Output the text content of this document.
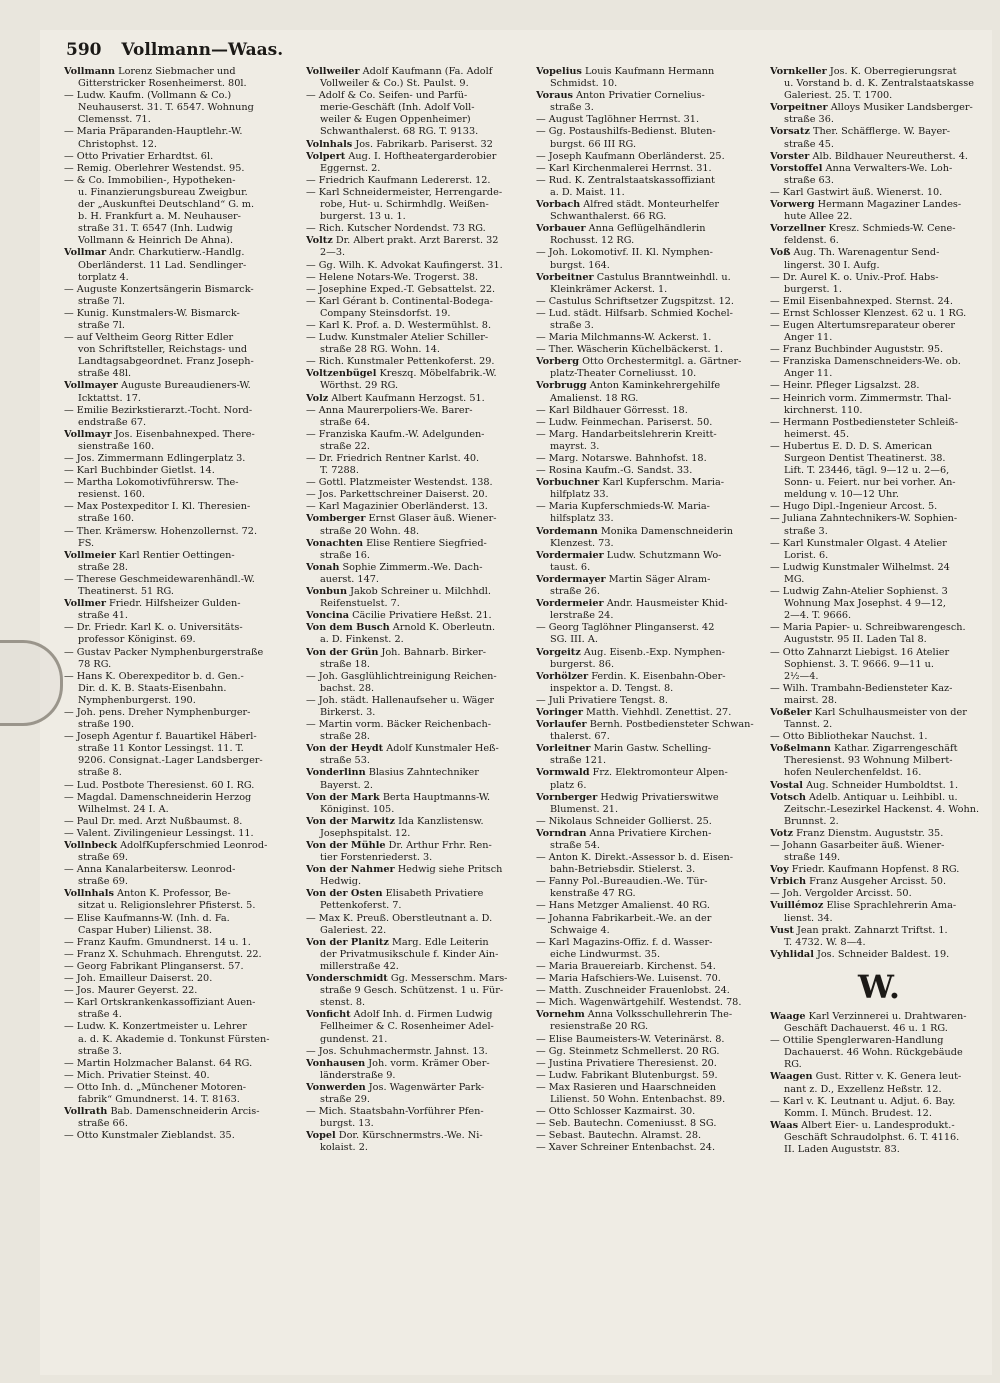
590 Vollmann—Waas.
Vollmann Lorenz Siebmacher und
Gitterstricker Rosenheimerst. 80l.
— Ludw. Kaufm. (Vollmann & Co.)
Neuhauserst. 31. T. 6547. Wohnung
Clemensst. 71.
— Maria Präparanden-Hauptlehr.-W.
Christophst. 12.
— Otto Privatier Erhardtst. 6l.
— Remig. Oberlehrer Westendst. 95.
— & Co. Immobilien-, Hypotheken-
u. Finanzierungsbureau Zweigbur.
der „Auskunftei Deutschland“ G. m.
b. H. Frankfurt a. M. Neuhauser-
straße 31. T. 6547 (Inh. Ludwig
Vollmann & Heinrich De Ahna).
Vollmar Andr. Charkutierw.-Handlg.
Oberländerst. 11 Lad. Sendlinger-
torplatz 4.
— Auguste Konzertsängerin Bismarck-
straße 7l.
— Kunig. Kunstmalers-W. Bismarck-
straße 7l.
— auf Veltheim Georg Ritter Edler
von Schriftsteller, Reichstags- und
Landtagsabgeordnet. Franz Joseph-
straße 48l.
Vollmayer Auguste Bureaudieners-W.
Icktattst. 17.
— Emilie Bezirkstierarzt.-Tocht. Nord-
endstraße 67.
Vollmayr Jos. Eisenbahnexped. There-
sienstraße 160.
— Jos. Zimmermann Edlingerplatz 3.
— Karl Buchbinder Gietlst. 14.
— Martha Lokomotivführersw. The-
resienst. 160.
— Max Postexpeditor I. Kl. Theresien-
straße 160.
— Ther. Krämersw. Hohenzollernst. 72.
FS.
Vollmeier Karl Rentier Oettingen-
straße 28.
— Therese Geschmeidewarenhändl.-W.
Theatinerst. 51 RG.
Vollmer Friedr. Hilfsheizer Gulden-
straße 41.
— Dr. Friedr. Karl K. o. Universitäts-
professor Königinst. 69.
— Gustav Packer Nymphenburgerstraße
78 RG.
— Hans K. Oberexpeditor b. d. Gen.-
Dir. d. K. B. Staats-Eisenbahn.
Nymphenburgerst. 190.
— Joh. pens. Dreher Nymphenburger-
straße 190.
— Joseph Agentur f. Bauartikel Häberl-
straße 11 Kontor Lessingst. 11. T.
9206. Consignat.-Lager Landsberger-
straße 8.
— Lud. Postbote Theresienst. 60 I. RG.
— Magdal. Damenschneiderin Herzog
Wilhelmst. 24 I. A.
— Paul Dr. med. Arzt Nußbaumst. 8.
— Valent. Zivilingenieur Lessingst. 11.
Vollnbeck AdolfKupferschmied Leonrod-
straße 69.
— Anna Kanalarbeitersw. Leonrod-
straße 69.
Vollnhals Anton K. Professor, Be-
sitzat u. Religionslehrer Pfisterst. 5.
— Elise Kaufmanns-W. (Inh. d. Fa.
Caspar Huber) Lilienst. 38.
— Franz Kaufm. Gmundnerst. 14 u. 1.
— Franz X. Schuhmach. Ehrengutst. 22.
— Georg Fabrikant Plinganserst. 57.
— Joh. Emailleur Daiserst. 20.
— Jos. Maurer Geyerst. 22.
— Karl Ortskrankenkassoffiziant Auen-
straße 4.
— Ludw. K. Konzertmeister u. Lehrer
a. d. K. Akademie d. Tonkunst Fürsten-
straße 3.
— Martin Holzmacher Balanst. 64 RG.
— Mich. Privatier Steinst. 40.
— Otto Inh. d. „Münchener Motoren-
fabrik“ Gmundnerst. 14. T. 8163.
Vollrath Bab. Damenschneiderin Arcis-
straße 66.
— Otto Kunstmaler Zieblandst. 35.
Vollweiler Adolf Kaufmann (Fa. Adolf
Vollweiler & Co.) St. Paulst. 9.
— Adolf & Co. Seifen- und Parfü-
merie-Geschäft (Inh. Adolf Voll-
weiler & Eugen Oppenheimer)
Schwanthalerst. 68 RG. T. 9133.
Volnhals Jos. Fabrikarb. Pariserst. 32
Volpert Aug. I. Hoftheatergarderobier
Eggernst. 2.
— Friedrich Kaufmann Ledererst. 12.
— Karl Schneidermeister, Herrengarde-
robe, Hut- u. Schirmhdlg. Weißen-
burgerst. 13 u. 1.
— Rich. Kutscher Nordendst. 73 RG.
Voltz Dr. Albert prakt. Arzt Barerst. 32
2—3.
— Gg. Wilh. K. Advokat Kaufingerst. 31.
— Helene Notars-We. Trogerst. 38.
— Josephine Exped.-T. Gebsattelst. 22.
— Karl Gérant b. Continental-Bodega-
Company Steinsdorfst. 19.
— Karl K. Prof. a. D. Westermühlst. 8.
— Ludw. Kunstmaler Atelier Schiller-
straße 28 RG. Wohn. 14.
— Rich. Kunstmaler Pettenkoferst. 29.
Voltzenbügel Kreszq. Möbelfabrik.-W.
Wörthst. 29 RG.
Volz Albert Kaufmann Herzogst. 51.
— Anna Maurerpoliers-We. Barer-
straße 64.
— Franziska Kaufm.-W. Adelgunden-
straße 22.
— Dr. Friedrich Rentner Karlst. 40.
T. 7288.
— Gottl. Platzmeister Westendst. 138.
— Jos. Parkettschreiner Daiserst. 20.
— Karl Magazinier Oberländerst. 13.
Vomberger Ernst Glaser äuß. Wiener-
straße 20 Wohn. 48.
Vonachten Elise Rentiere Siegfried-
straße 16.
Vonah Sophie Zimmerm.-We. Dach-
auerst. 147.
Vonbun Jakob Schreiner u. Milchhdl.
Reifenstuelst. 7.
Voncina Cäcilie Privatiere Heßst. 21.
Von dem Busch Arnold K. Oberleutn.
a. D. Finkenst. 2.
Von der Grün Joh. Bahnarb. Birker-
straße 18.
— Joh. Gasglühlichtreinigung Reichen-
bachst. 28.
— Joh. städt. Hallenaufseher u. Wäger
Birkerst. 3.
— Martin vorm. Bäcker Reichenbach-
straße 28.
Von der Heydt Adolf Kunstmaler Heß-
straße 53.
Vonderlinn Blasius Zahntechniker
Bayerst. 2.
Von der Mark Berta Hauptmanns-W.
Königinst. 105.
Von der Marwitz Ida Kanzlistensw.
Josephspitalst. 12.
Von der Mühle Dr. Arthur Frhr. Ren-
tier Forstenriederst. 3.
Von der Nahmer Hedwig siehe Pritsch
Hedwig.
Von der Osten Elisabeth Privatiere
Pettenkoferst. 7.
— Max K. Preuß. Oberstleutnant a. D.
Galeriest. 22.
Von der Planitz Marg. Edle Leiterin
der Privatmusikschule f. Kinder Ain-
millerstraße 42.
Vonderschmidt Gg. Messerschm. Mars-
straße 9 Gesch. Schützenst. 1 u. Für-
stenst. 8.
Vonficht Adolf Inh. d. Firmen Ludwig
Fellheimer & C. Rosenheimer Adel-
gundenst. 21.
— Jos. Schuhmachermstr. Jahnst. 13.
Vonhausen Joh. vorm. Krämer Ober-
länderstraße 9.
Vonwerden Jos. Wagenwärter Park-
straße 29.
— Mich. Staatsbahn-Vorführer Pfen-
burgst. 13.
Vopel Dor. Kürschnermstrs.-We. Ni-
kolaist. 2.
Vopelius Louis Kaufmann Hermann
Schmidst. 10.
Voraus Anton Privatier Cornelius-
straße 3.
— August Taglöhner Herrnst. 31.
— Gg. Postaushilfs-Bedienst. Bluten-
burgst. 66 III RG.
— Joseph Kaufmann Oberländerst. 25.
— Karl Kirchenmalerei Herrnst. 31.
— Rud. K. Zentralstaatskassoffiziant
a. D. Maist. 11.
Vorbach Alfred städt. Monteurhelfer
Schwanthalerst. 66 RG.
Vorbauer Anna Geflügelhändlerin
Rochusst. 12 RG.
— Joh. Lokomotivf. II. Kl. Nymphen-
burgst. 164.
Vorbeitner Castulus Branntweinhdl. u.
Kleinkrämer Ackerst. 1.
— Castulus Schriftsetzer Zugspitzst. 12.
— Lud. städt. Hilfsarb. Schmied Kochel-
straße 3.
— Maria Milchmanns-W. Ackerst. 1.
— Ther. Wäscherin Küchelbäckerst. 1.
Vorberg Otto Orchestermitgl. a. Gärtner-
platz-Theater Corneliusst. 10.
Vorbrugg Anton Kaminkehrergehilfe
Amalienst. 18 RG.
— Karl Bildhauer Görresst. 18.
— Ludw. Feinmechan. Pariserst. 50.
— Marg. Handarbeitslehrerin Kreitt-
mayrst. 3.
— Marg. Notarswe. Bahnhofst. 18.
— Rosina Kaufm.-G. Sandst. 33.
Vorbuchner Karl Kupferschm. Maria-
hilfplatz 33.
— Maria Kupferschmieds-W. Maria-
hilfsplatz 33.
Vordemann Monika Damenschneiderin
Klenzest. 73.
Vordermaier Ludw. Schutzmann Wo-
taust. 6.
Vordermayer Martin Säger Alram-
straße 26.
Vordermeier Andr. Hausmeister Khid-
lerstraße 24.
— Georg Taglöhner Plinganserst. 42
SG. III. A.
Vorgeitz Aug. Eisenb.-Exp. Nymphen-
burgerst. 86.
Vorhölzer Ferdin. K. Eisenbahn-Ober-
inspektor a. D. Tengst. 8.
— Juli Privatiere Tengst. 8.
Voringer Matth. Viehhdl. Zenettist. 27.
Vorlaufer Bernh. Postbediensteter Schwan-
thalerst. 67.
Vorleitner Marin Gastw. Schelling-
straße 121.
Vormwald Frz. Elektromonteur Alpen-
platz 6.
Vornberger Hedwig Privatierswitwe
Blumenst. 21.
— Nikolaus Schneider Gollierst. 25.
Vorndran Anna Privatiere Kirchen-
straße 54.
— Anton K. Direkt.-Assessor b. d. Eisen-
bahn-Betriebsdir. Stielerst. 3.
— Fanny Pol.-Bureaudien.-We. Tür-
kenstraße 47 RG.
— Hans Metzger Amalienst. 40 RG.
— Johanna Fabrikarbeit.-We. an der
Schwaige 4.
— Karl Magazins-Offiz. f. d. Wasser-
eiche Lindwurmst. 35.
— Maria Brauereiarb. Kirchenst. 54.
— Maria Hafschiers-We. Luisenst. 70.
— Matth. Zuschneider Frauenlobst. 24.
— Mich. Wagenwärtgehilf. Westendst. 78.
Vornehm Anna Volksschullehrerin The-
resienstraße 20 RG.
— Elise Baumeisters-W. Veterinärst. 8.
— Gg. Steinmetz Schmellerst. 20 RG.
— Justina Privatiere Theresienst. 20.
— Ludw. Fabrikant Blutenburgst. 59.
— Max Rasieren und Haarschneiden
Lilienst. 50 Wohn. Entenbachst. 89.
— Otto Schlosser Kazmairst. 30.
— Seb. Bautechn. Comeniusst. 8 SG.
— Sebast. Bautechn. Alramst. 28.
— Xaver Schreiner Entenbachst. 24.
Vornkeller Jos. K. Oberregierungsrat
u. Vorstand b. d. K. Zentralstaatskasse
Galeriest. 25. T. 1700.
Vorpeitner Alloys Musiker Landsberger-
straße 36.
Vorsatz Ther. Schäfflerge. W. Bayer-
straße 45.
Vorster Alb. Bildhauer Neureutherst. 4.
Vorstoffel Anna Verwalters-We. Loh-
straße 63.
— Karl Gastwirt äuß. Wienerst. 10.
Vorwerg Hermann Magaziner Landes-
hute Allee 22.
Vorzellner Kresz. Schmieds-W. Cene-
feldenst. 6.
Voß Aug. Th. Warenagentur Send-
lingerst. 30 I. Aufg.
— Dr. Aurel K. o. Univ.-Prof. Habs-
burgerst. 1.
— Emil Eisenbahnexped. Sternst. 24.
— Ernst Schlosser Klenzest. 62 u. 1 RG.
— Eugen Altertumsreparateur oberer
Anger 11.
— Franz Buchbinder Auguststr. 95.
— Franziska Damenschneiders-We. ob.
Anger 11.
— Heinr. Pfleger Ligsalzst. 28.
— Heinrich vorm. Zimmermstr. Thal-
kirchnerst. 110.
— Hermann Postbediensteter Schleiß-
heimerst. 45.
— Hubertus E. D. D. S. American
Surgeon Dentist Theatinerst. 38.
Lift. T. 23446, tägl. 9—12 u. 2—6,
Sonn- u. Feiert. nur bei vorher. An-
meldung v. 10—12 Uhr.
— Hugo Dipl.-Ingenieur Arcost. 5.
— Juliana Zahntechnikers-W. Sophien-
straße 3.
— Karl Kunstmaler Olgast. 4 Atelier
Lorist. 6.
— Ludwig Kunstmaler Wilhelmst. 24
MG.
— Ludwig Zahn-Atelier Sophienst. 3
Wohnung Max Josephst. 4 9—12,
2—4. T. 9666.
— Maria Papier- u. Schreibwarengesch.
Auguststr. 95 II. Laden Tal 8.
— Otto Zahnarzt Liebigst. 16 Atelier
Sophienst. 3. T. 9666. 9—11 u.
2½—4.
— Wilh. Trambahn-Bediensteter Kaz-
mairst. 28.
Voßeler Karl Schulhausmeister von der
Tannst. 2.
— Otto Bibliothekar Nauchst. 1.
Voßelmann Kathar. Zigarrengeschäft
Theresienst. 93 Wohnung Milbert-
hofen Neulerchenfeldst. 16.
Vostal Aug. Schneider Humboldtst. 1.
Votsch Adelb. Antiquar u. Leihbibl. u.
Zeitschr.-Lesezirkel Hackenst. 4. Wohn.
Brunnst. 2.
Votz Franz Dienstm. Auguststr. 35.
— Johann Gasarbeiter äuß. Wiener-
straße 149.
Voy Friedr. Kaufmann Hopfenst. 8 RG.
Vrbich Franz Ausgeher Arcisst. 50.
— Joh. Vergolder Arcisst. 50.
Vuillémoz Elise Sprachlehrerin Ama-
lienst. 34.
Vust Jean prakt. Zahnarzt Triftst. 1.
T. 4732. W. 8—4.
Vyhlidal Jos. Schneider Baldest. 19.
W.
Waage Karl Verzinnerei u. Drahtwaren-
Geschäft Dachauerst. 46 u. 1 RG.
— Ottilie Spenglerwaren-Handlung
Dachauerst. 46 Wohn. Rückgebäude
RG.
Waagen Gust. Ritter v. K. Genera leut-
nant z. D., Exzellenz Heßstr. 12.
— Karl v. K. Leutnant u. Adjut. 6. Bay.
Komm. I. Münch. Brudest. 12.
Waas Albert Eier- u. Landesprodukt.-
Geschäft Schraudolphst. 6. T. 4116.
II. Laden Auguststr. 83.
